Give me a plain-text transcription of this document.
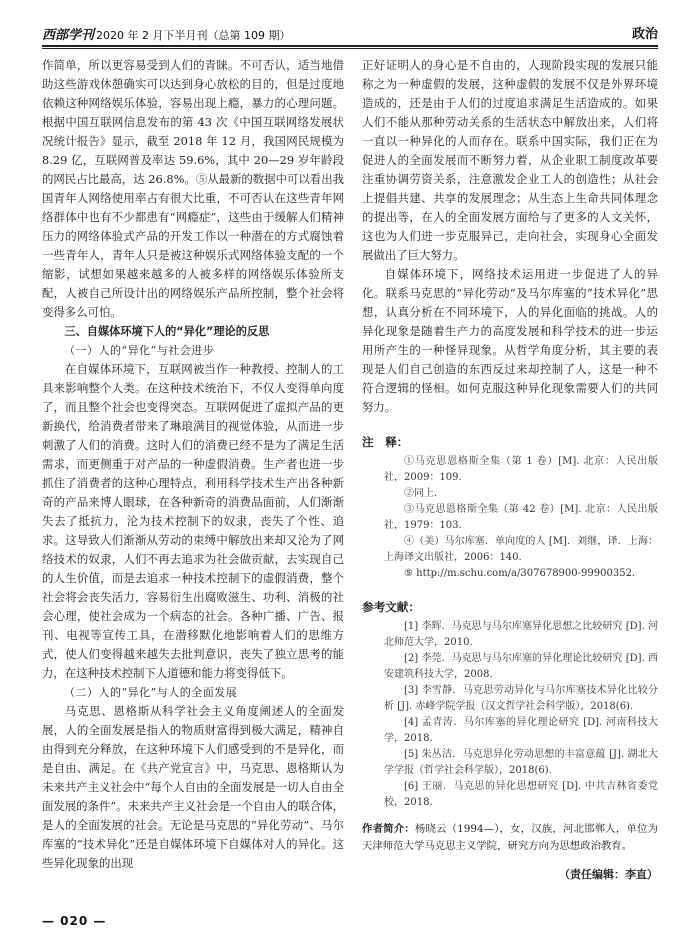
西部学刊 2020 年 2 月下半月刊（总第 109 期）	政治

作简单，所以更容易受到人们的青睐。不可否认，适当地借助这些游戏休憩确实可以达到身心放松的目的，但是过度地依赖这种网络娱乐体验，容易出现上瘾，暴力的心理问题。根据中国互联网信息发布的第 43 次《中国互联网络发展状况统计报告》显示，截至 2018 年 12 月，我国网民规模为 8.29 亿，互联网普及率达 59.6%，其中 20—29 岁年龄段的网民占比最高，达 26.8%。⑤从最新的数据中可以看出我国青年人网络使用率占有很大比重，不可否认在这些青年网络群体中也有不少都患有“网瘾症”，这些由于缓解人们精神压力的网络体验式产品的开发工作以一种潜在的方式腐蚀着一些青年人，青年人只是被这种娱乐式网络体验支配的一个缩影，试想如果越来越多的人被多样的网络娱乐体验所支配，人被自己所设计出的网络娱乐产品所控制，整个社会将变得多么可怕。

三、自媒体环境下人的“异化”理论的反思
（一）人的“异化”与社会进步

在自媒体环境下，互联网被当作一种教授、控制人的工具来影响整个人类。在这种技术统治下，不仅人变得单向度了，而且整个社会也变得突态。互联网促进了虚拟产品的更新换代，给消费者带来了琳琅满目的视觉体验，从而进一步刺激了人们的消费。这时人们的消费已经不是为了满足生活需求，而更侧重于对产品的一种虚假消费。生产者也进一步抓住了消费者的这种心理特点，利用科学技术生产出各种新奇的产品来博人眼球，在各种新奇的消费品面前，人们渐渐失去了抵抗力，沦为技术控制下的奴隶，丧失了个性、追求。这导致人们渐渐从劳动的束缚中解放出来却又沦为了网络技术的奴隶，人们不再去追求为社会做贡献，去实现自己的人生价值，而是去追求一种技术控制下的虚假消费，整个社会将会丧失活力，容易衍生出腐败滋生、功利、消极的社会心理，使社会成为一个病态的社会。各种广播、广告、报刊、电视等宣传工具，在潜移默化地影响着人们的思维方式，使人们变得越来越失去批判意识，丧失了独立思考的能力，在这种技术控制下人道德和能力将变得低下。

（二）人的“异化”与人的全面发展

马克思、恩格斯从科学社会主义角度阐述人的全面发展，人的全面发展是指人的物质财富得到极大满足，精神自由得到充分释放，在这种环境下人们感受到的不是异化，而是自由、满足。在《共产党宣言》中，马克思、恩格斯认为未来共产主义社会中“每个人自由的全面发展是一切人自由全面发展的条件”。未来共产主义社会是一个自由人的联合体，是人的全面发展的社会。无论是马克思的“异化劳动”、马尔库塞的“技术异化”还是自媒体环境下自媒体对人的异化。这些异化现象的出现

正好证明人的身心是不自由的，人现阶段实现的发展只能称之为一种虚假的发展，这种虚假的发展不仅是外界环境造成的，还是由于人们的过度追求满足生活造成的。如果人们不能从那种劳动关系的生活状态中解放出来，人们将一直以一种异化的人而存在。联系中国实际，我们正在为促进人的全面发展而不断努力着，从企业职工制度改革要注重协调劳资关系，注意激发企业工人的创造性；从社会上提倡共建、共享的发展理念；从生态上生命共同体理念的提出等，在人的全面发展方面给与了更多的人文关怀，这也为人们进一步克服异己，走向社会，实现身心全面发展做出了巨大努力。

自媒体环境下，网络技术运用进一步促进了人的异化。联系马克思的“异化劳动”及马尔库塞的“技术异化”思想，认真分析在不同环境下，人的异化面临的挑战。人的异化现象是随着生产力的高度发展和科学技术的进一步运用所产生的一种怪异现象。从哲学角度分析，其主要的表现是人们自己创造的东西反过来却控制了人，这是一种不符合逻辑的怪相。如何克服这种异化现象需要人们的共同努力。

注　释：

①马克思恩格斯全集（第 1 卷）[M]. 北京：人民出版社，2009：109.

②同上.

③马克思恩格斯全集（第 42 卷）[M]. 北京：人民出版社，1979：103.

④（美）马尔库塞．单向度的人 [M]．刘继，译．上海：上海译文出版社，2006：140.

⑤ http://m.schu.com/a/307678900-99900352.

参考文献：

[1] 李辉．马克思与马尔库塞异化思想之比较研究 [D]. 河北师范大学，2010.

[2] 李莞．马克思与马尔库塞的异化理论比较研究 [D]. 西安建筑科技大学，2008.

[3] 李雪静．马克思劳动异化与马尔库塞技术异化比较分析 [J]. 赤峰学院学报（汉文哲学社会科学版），2018(6).

[4] 孟青涛．马尔库塞的异化理论研究 [D]. 河南科技大学，2018.

[5] 朱丛洁．马克思异化劳动思想的丰富意蕴 [J]. 湖北大学学报（哲学社会科学版），2018(6).

[6] 王丽．马克思的异化思想研究 [D]. 中共吉林省委党校，2018.

作者简介：杨晓云（1994—），女，汉族，河北邯郸人，单位为天津师范大学马克思主义学院，研究方向为思想政治教育。
（责任编辑：李直）
— 020 —
